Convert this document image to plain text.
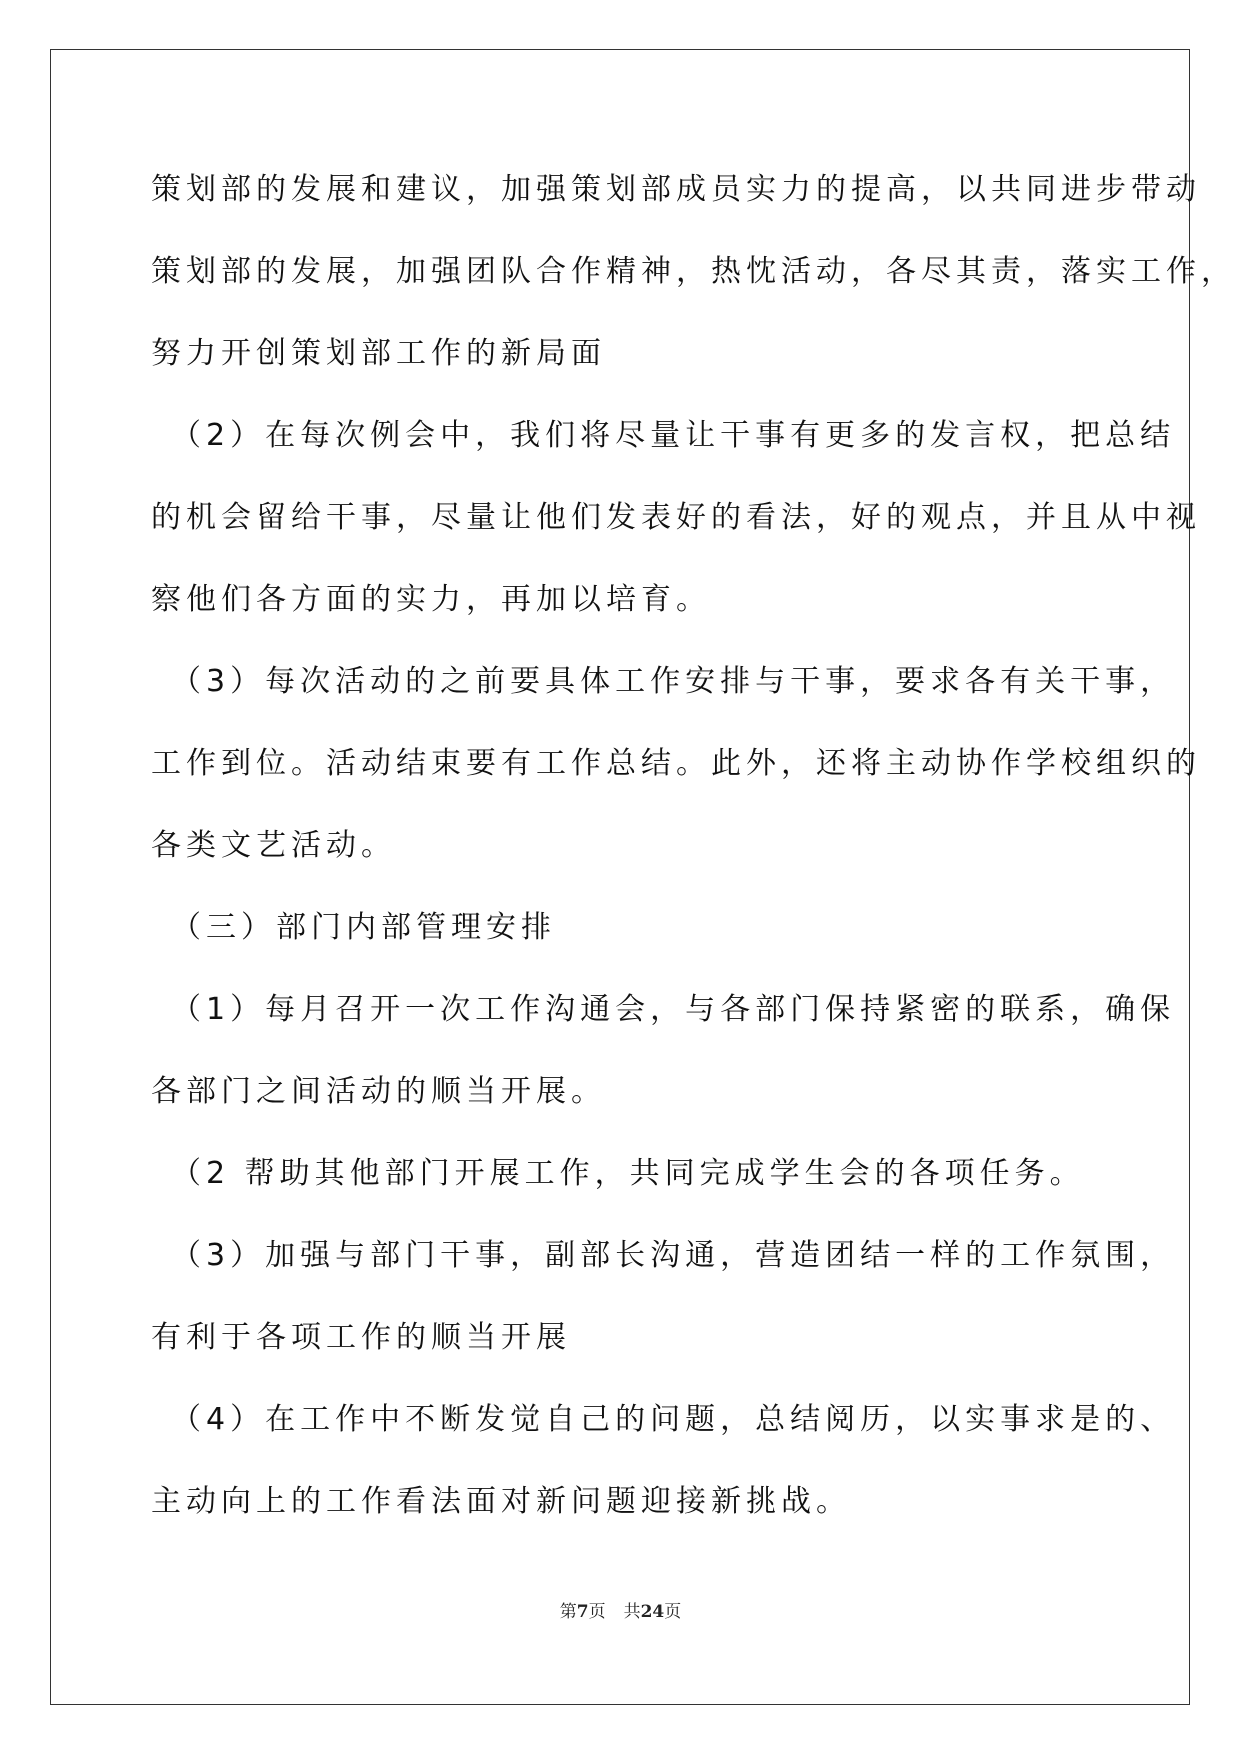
策划部的发展和建议，加强策划部成员实力的提高，以共同进步带动
策划部的发展，加强团队合作精神，热忱活动，各尽其责，落实工作，
努力开创策划部工作的新局面
　（2）在每次例会中，我们将尽量让干事有更多的发言权，把总结
的机会留给干事，尽量让他们发表好的看法，好的观点，并且从中视
察他们各方面的实力，再加以培育。
　（3）每次活动的之前要具体工作安排与干事，要求各有关干事，
工作到位。活动结束要有工作总结。此外，还将主动协作学校组织的
各类文艺活动。
　（三）部门内部管理安排
　（1）每月召开一次工作沟通会，与各部门保持紧密的联系，确保
各部门之间活动的顺当开展。
　（2 帮助其他部门开展工作，共同完成学生会的各项任务。
　（3）加强与部门干事，副部长沟通，营造团结一样的工作氛围，
有利于各项工作的顺当开展
　（4）在工作中不断发觉自己的问题，总结阅历，以实事求是的、
主动向上的工作看法面对新问题迎接新挑战。
第7页 共24页
